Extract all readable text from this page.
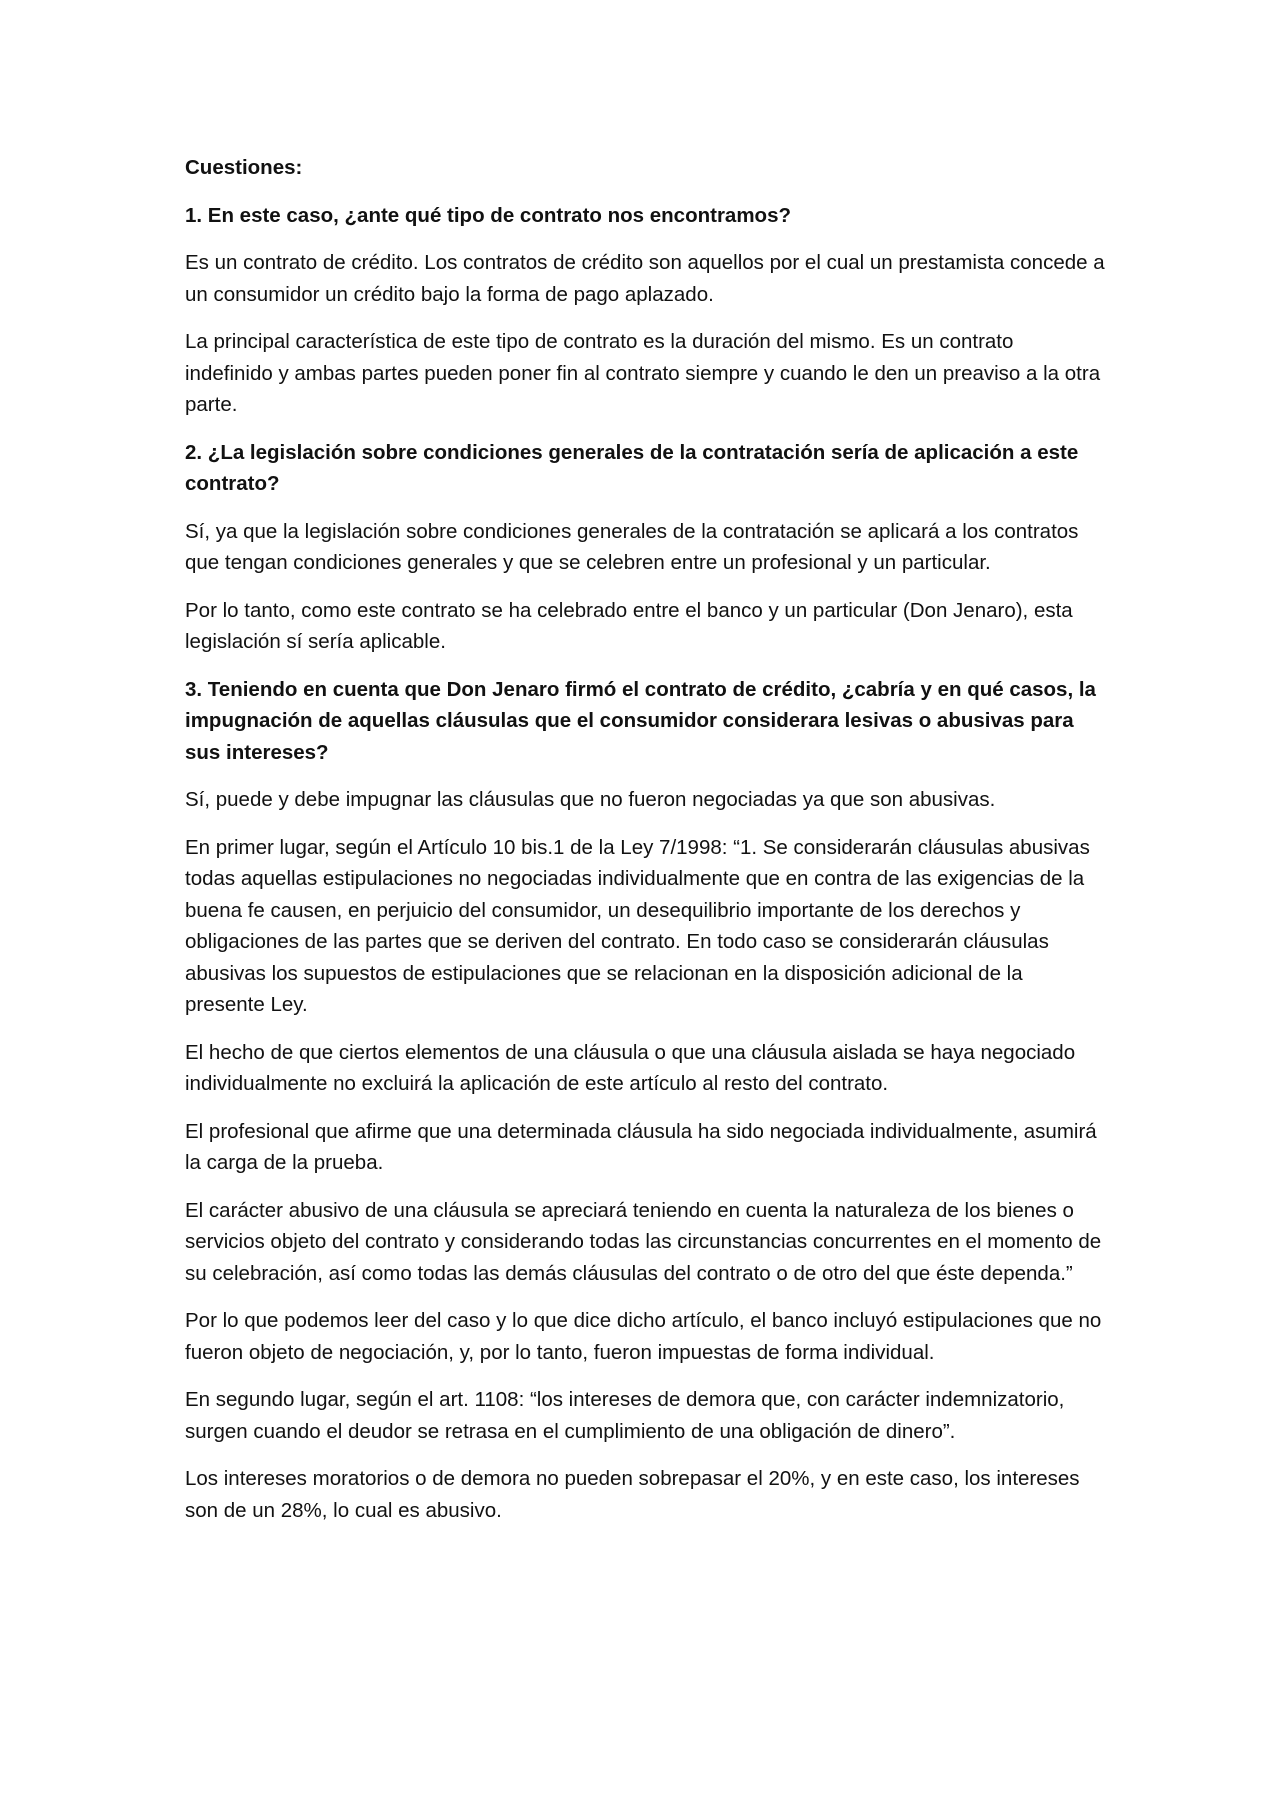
Cuestiones:

1. En este caso, ¿ante qué tipo de contrato nos encontramos?

Es un contrato de crédito. Los contratos de crédito son aquellos por el cual un prestamista concede a un consumidor un crédito bajo la forma de pago aplazado.

La principal característica de este tipo de contrato es la duración del mismo. Es un contrato indefinido y ambas partes pueden poner fin al contrato siempre y cuando le den un preaviso a la otra parte.

2. ¿La legislación sobre condiciones generales de la contratación sería de aplicación a este contrato?

Sí, ya que la legislación sobre condiciones generales de la contratación se aplicará a los contratos que tengan condiciones generales y que se celebren entre un profesional y un particular.

Por lo tanto, como este contrato se ha celebrado entre el banco y un particular (Don Jenaro), esta legislación sí sería aplicable.

3. Teniendo en cuenta que Don Jenaro firmó el contrato de crédito, ¿cabría y en qué casos, la impugnación de aquellas cláusulas que el consumidor considerara lesivas o abusivas para sus intereses?

Sí, puede y debe impugnar las cláusulas que no fueron negociadas ya que son abusivas.

En primer lugar, según el Artículo 10 bis.1 de la Ley 7/1998: “1. Se considerarán cláusulas abusivas todas aquellas estipulaciones no negociadas individualmente que en contra de las exigencias de la buena fe causen, en perjuicio del consumidor, un desequilibrio importante de los derechos y obligaciones de las partes que se deriven del contrato. En todo caso se considerarán cláusulas abusivas los supuestos de estipulaciones que se relacionan en la disposición adicional de la presente Ley.

El hecho de que ciertos elementos de una cláusula o que una cláusula aislada se haya negociado individualmente no excluirá la aplicación de este artículo al resto del contrato.

El profesional que afirme que una determinada cláusula ha sido negociada individualmente, asumirá la carga de la prueba.

El carácter abusivo de una cláusula se apreciará teniendo en cuenta la naturaleza de los bienes o servicios objeto del contrato y considerando todas las circunstancias concurrentes en el momento de su celebración, así como todas las demás cláusulas del contrato o de otro del que éste dependa.”

Por lo que podemos leer del caso y lo que dice dicho artículo, el banco incluyó estipulaciones que no fueron objeto de negociación, y, por lo tanto, fueron impuestas de forma individual.

En segundo lugar, según el art. 1108: “los intereses de demora que, con carácter indemnizatorio, surgen cuando el deudor se retrasa en el cumplimiento de una obligación de dinero”.

Los intereses moratorios o de demora no pueden sobrepasar el 20%, y en este caso, los intereses son de un 28%, lo cual es abusivo.
